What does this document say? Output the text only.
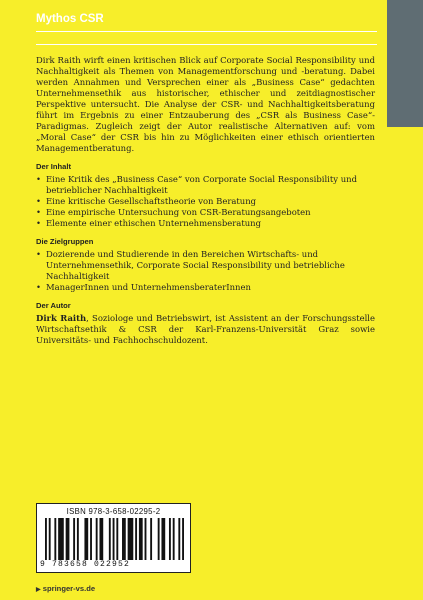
Mythos CSR

Dirk Raith wirft einen kritischen Blick auf Corporate Social Responsibility und Nachhaltigkeit als Themen von Managementforschung und -beratung. Dabei werden Annahmen und Versprechen einer als „Business Case“ gedachten Unternehmensethik aus historischer, ethischer und zeitdiagnostischer Perspektive untersucht. Die Analyse der CSR- und Nachhaltigkeitsberatung führt im Ergebnis zu einer Entzauberung des „CSR als Business Case“-Paradigmas. Zugleich zeigt der Autor realistische Alternativen auf: vom „Moral Case“ der CSR bis hin zu Möglichkeiten einer ethisch orientierten Managementberatung.

Der Inhalt
• Eine Kritik des „Business Case“ von Corporate Social Responsibility und betrieblicher Nachhaltigkeit
• Eine kritische Gesellschaftstheorie von Beratung
• Eine empirische Untersuchung von CSR-Beratungsangeboten
• Elemente einer ethischen Unternehmensberatung
Die Zielgruppen
• Dozierende und Studierende in den Bereichen Wirtschafts- und Unternehmensethik, Corporate Social Responsibility und betriebliche Nachhaltigkeit
• ManagerInnen und UnternehmensberaterInnen
Der Autor

Dirk Raith, Soziologe und Betriebswirt, ist Assistent an der Forschungsstelle Wirtschaftsethik & CSR der Karl-Franzens-Universität Graz sowie Universitäts- und Fachhochschuldozent.

ISBN 978-3-658-02295-2
9 783658 022952
▶ springer-vs.de
